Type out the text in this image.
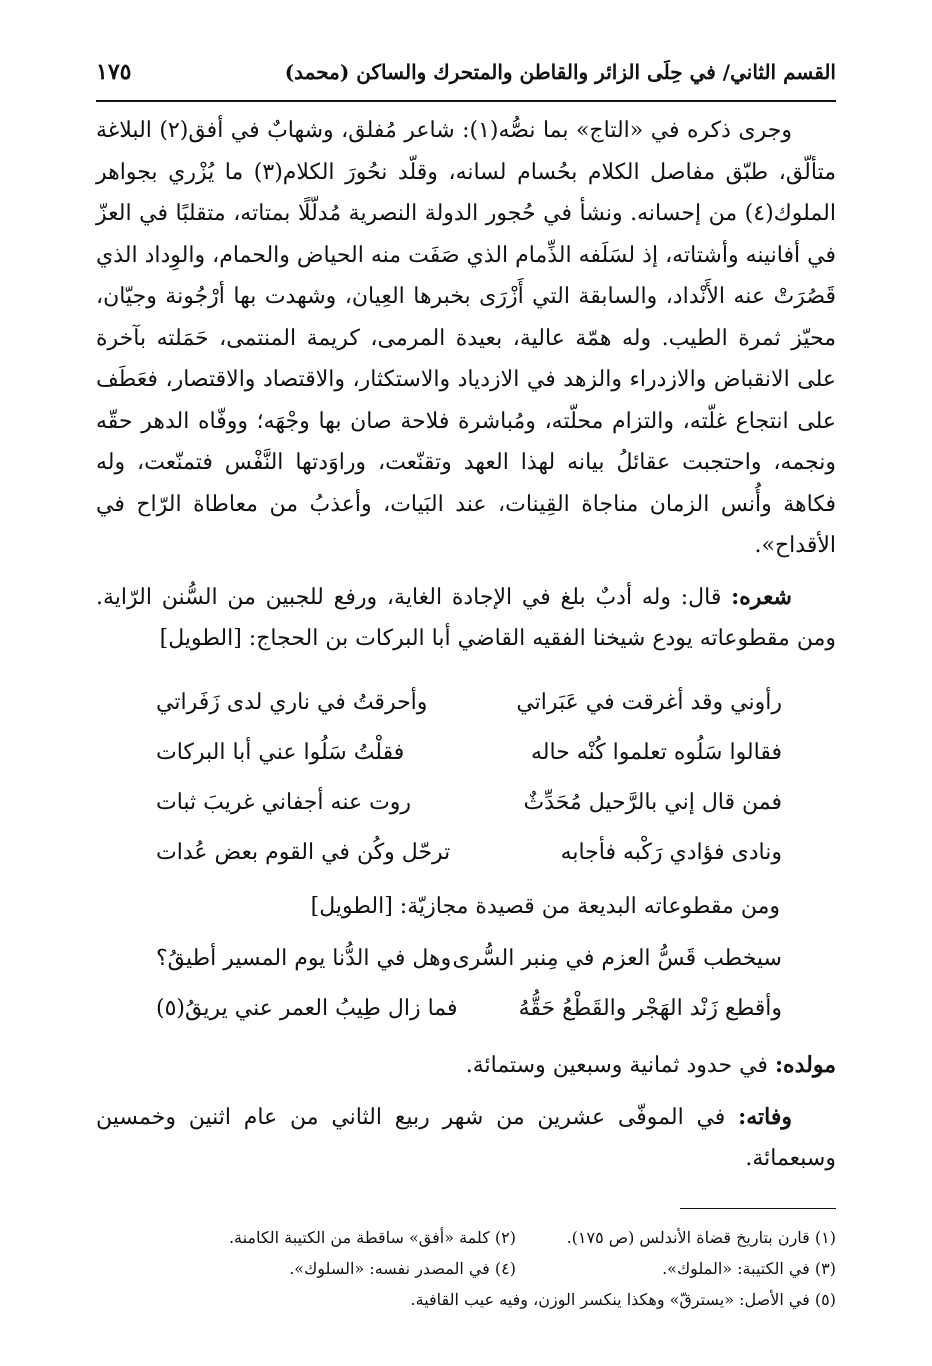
القسم الثاني/ في حِلَى الزائر والقاطن والمتحرك والساكن (محمد)
١٧٥

وجرى ذكره في «التاج» بما نصُّه(١): شاعر مُفلق، وشهابٌ في أفق(٢) البلاغة متألّق، طبّق مفاصل الكلام بحُسام لسانه، وقلّد نحُورَ الكلام(٣) ما يُزْري بجواهر الملوك(٤) من إحسانه. ونشأ في حُجور الدولة النصرية مُدلّلًا بمتاته، متقلبًا في العزّ في أفانينه وأشتاته، إذ لسَلَفه الذِّمام الذي صَفَت منه الحياض والحمام، والوِداد الذي قَصُرَتْ عنه الأَنْداد، والسابقة التي أَزْرَى بخبرها العِيان، وشهدت بها أرْجُونة وجيّان، محيّز ثمرة الطيب. وله همّة عالية، بعيدة المرمى، كريمة المنتمى، حَمَلته بآخرة على الانقباض والازدراء والزهد في الازدياد والاستكثار، والاقتصاد والاقتصار، فعَطَف على انتجاع غلّته، والتزام محلّته، ومُباشرة فلاحة صان بها وجْهَه؛ ووفّاه الدهر حقّه ونجمه، واحتجبت عقائلُ بيانه لهذا العهد وتقنّعت، وراوَدتها النَّفْس فتمنّعت، وله فكاهة وأُنس الزمان مناجاة القِينات، عند البَيات، وأعذبُ من معاطاة الرّاح في الأقداح».

شعره: قال: وله أدبٌ بلغ في الإجادة الغاية، ورفع للجبين من السُّنن الرّاية. ومن مقطوعاته يودع شيخنا الفقيه القاضي أبا البركات بن الحجاج: [الطويل]

رأوني وقد أغرقت في عَبَراتي
وأحرقتُ في ناري لدى زَفَراتي
فقالوا سَلُوه تعلموا كُنْه حاله
فقلْتُ سَلُوا عني أبا البركات
فمن قال إني بالرَّحيل مُحَدِّثٌ
روت عنه أجفاني غريبَ ثبات
ونادى فؤادي رَكْبه فأجابه
ترحّل وكُن في القوم بعض عُدات

ومن مقطوعاته البديعة من قصيدة مجازيّة: [الطويل]

سيخطب قَسُّ العزم في مِنبر السُّرى
وهل في الدُّنا يوم المسير أطيقُ؟
وأقطع زَنْد الهَجْر والقَطْعُ حَقُّهُ
فما زال طِيبُ العمر عني يريقُ(٥)

مولده: في حدود ثمانية وسبعين وستمائة.

وفاته: في الموفّى عشرين من شهر ربيع الثاني من عام اثنين وخمسين وسبعمائة.

(١) قارن بتاريخ قضاة الأندلس (ص ١٧٥).
(٢) كلمة «أفق» ساقطة من الكتيبة الكامنة.
(٣) في الكتيبة: «الملوك».
(٤) في المصدر نفسه: «السلوك».
(٥) في الأصل: «يسترقّ» وهكذا ينكسر الوزن، وفيه عيب القافية.
